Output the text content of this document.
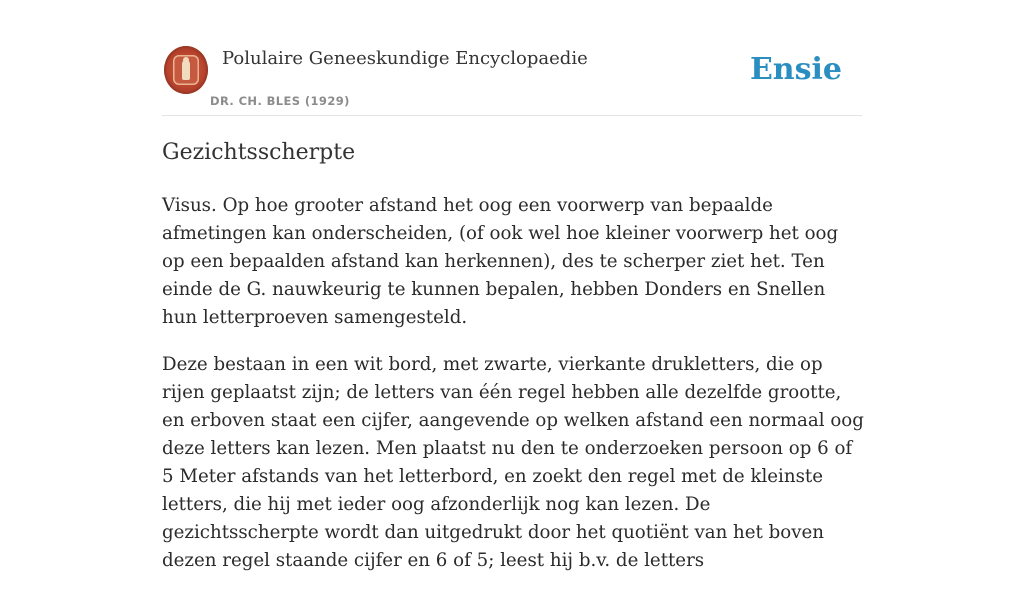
Polulaire Geneeskundige Encyclopaedie
DR. CH. BLES (1929)
Ensie
Gezichtsscherpte

Visus. Op hoe grooter afstand het oog een voorwerp van bepaalde afmetingen kan onderscheiden, (of ook wel hoe kleiner voorwerp het oog op een bepaalden afstand kan herkennen), des te scherper ziet het. Ten einde de G. nauwkeurig te kunnen bepalen, hebben Donders en Snellen hun letterproeven samengesteld.

Deze bestaan in een wit bord, met zwarte, vierkante drukletters, die op rijen geplaatst zijn; de letters van één regel hebben alle dezelfde grootte, en erboven staat een cijfer, aangevende op welken afstand een normaal oog deze letters kan lezen. Men plaatst nu den te onderzoeken persoon op 6 of 5 Meter afstands van het letterbord, en zoekt den regel met de kleinste letters, die hij met ieder oog afzonderlijk nog kan lezen. De gezichtsscherpte wordt dan uitgedrukt door het quotiënt van het boven dezen regel staande cijfer en 6 of 5; leest hij b.v. de letters
